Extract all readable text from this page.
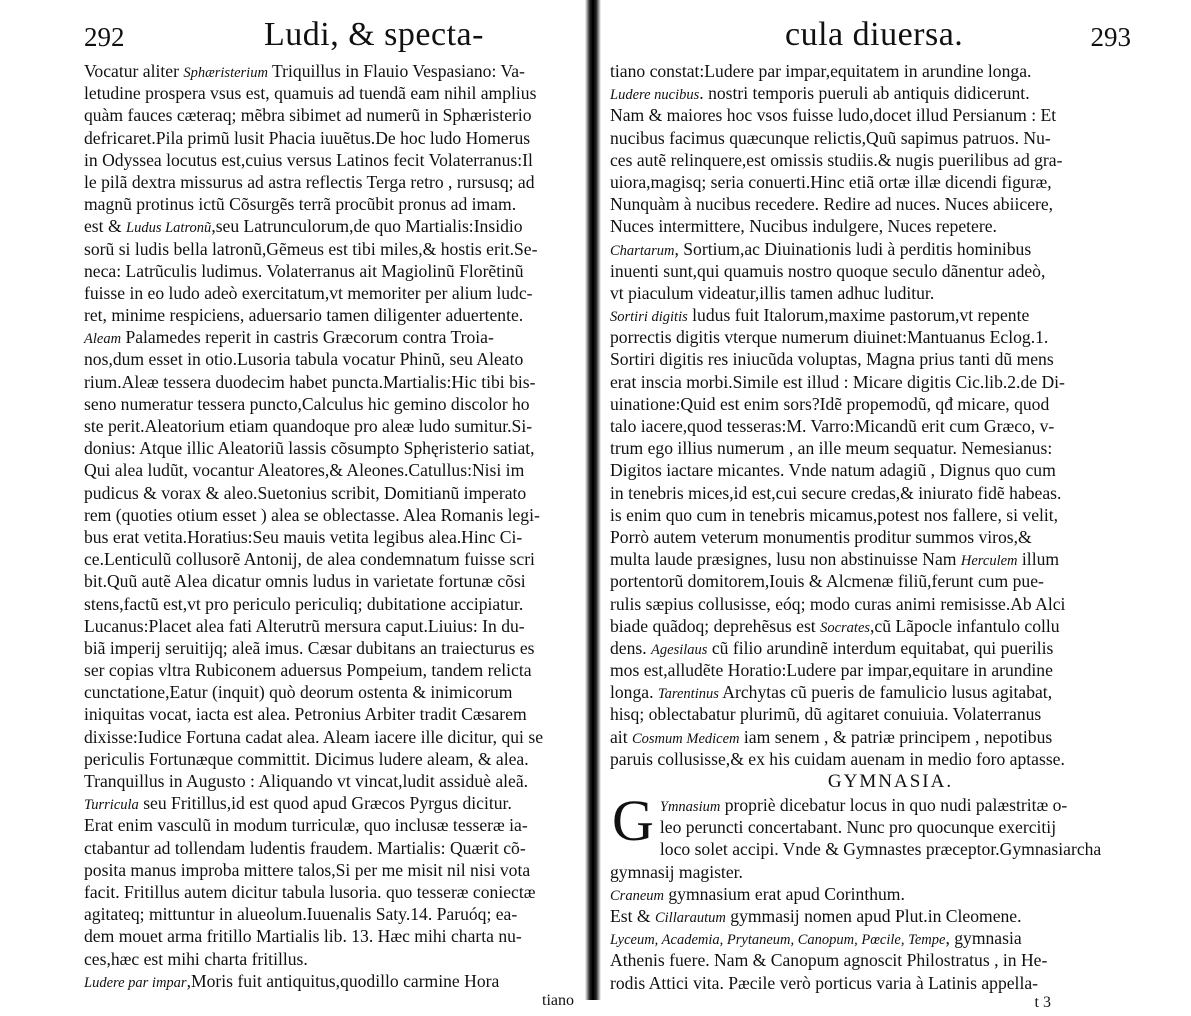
292	Ludi, & specta-
Vocatur aliter Sphæristerium Triquillus in Flauio Vespasiano: Va-
letudine prospera vsus est, quamuis ad tuendã eam nihil amplius
quàm fauces cæteraq; mẽbra sibimet ad numerũ in Sphæristerio
defricaret.Pila primũ lusit Phacia iuuẽtus.De hoc ludo Homerus
in Odyssea locutus est,cuius versus Latinos fecit Volaterranus:Il
le pilã dextra missurus ad astra reflectis Terga retro , rursusq; ad
magnũ protinus ictũ Cõsurgẽs terrã procũbit pronus ad imam.
est & Ludus Latronũ,seu Latrunculorum,de quo Martialis:Insidio
sorũ si ludis bella latronũ,Gẽmeus est tibi miles,& hostis erit.Se-
neca: Latrũculis ludimus. Volaterranus ait Magiolinũ Florẽtinũ
fuisse in eo ludo adeò exercitatum,vt memoriter per alium ludc-
ret, minime respiciens, aduersario tamen diligenter aduertente.
Aleam Palamedes reperit in castris Græcorum contra Troia-
nos,dum esset in otio.Lusoria tabula vocatur Phinũ, seu Aleato
rium.Aleæ tessera duodecim habet puncta.Martialis:Hic tibi bis-
seno numeratur tessera puncto,Calculus hic gemino discolor ho
ste perit.Aleatorium etiam quandoque pro aleæ ludo sumitur.Si-
donius: Atque illic Aleatoriũ lassis cõsumpto Sphęristerio satiat,
Qui alea ludũt, vocantur Aleatores,& Aleones.Catullus:Nisi im
pudicus & vorax & aleo.Suetonius scribit, Domitianũ imperato
rem (quoties otium esset ) alea se oblectasse. Alea Romanis legi-
bus erat vetita.Horatius:Seu mauis vetita legibus alea.Hinc Ci-
ce.Lenticulũ collusorẽ Antonij, de alea condemnatum fuisse scri
bit.Quũ autẽ Alea dicatur omnis ludus in varietate fortunæ cõsi
stens,factũ est,vt pro periculo periculiq; dubitatione accipiatur.
Lucanus:Placet alea fati Alterutrũ mersura caput.Liuius: In du-
biã imperij seruitijq; aleã imus. Cæsar dubitans an traiecturus es
ser copias vltra Rubiconem aduersus Pompeium, tandem relicta
cunctatione,Eatur (inquit) quò deorum ostenta & inimicorum
iniquitas vocat, iacta est alea. Petronius Arbiter tradit Cæsarem
dixisse:Iudice Fortuna cadat alea. Aleam iacere ille dicitur, qui se
periculis Fortunæque committit. Dicimus ludere aleam, & alea.
Tranquillus in Augusto : Aliquando vt vincat,ludit assiduè aleã.
Turricula seu Fritillus,id est quod apud Græcos Pyrgus dicitur.
Erat enim vasculũ in modum turriculæ, quo inclusæ tesseræ ia-
ctabantur ad tollendam ludentis fraudem. Martialis: Quærit cõ-
posita manus improba mittere talos,Si per me misit nil nisi vota
facit. Fritillus autem dicitur tabula lusoria. quo tesseræ coniectæ
agitateq; mittuntur in alueolum.Iuuenalis Saty.14. Paruóq; ea-
dem mouet arma fritillo Martialis lib. 13. Hæc mihi charta nu-
ces,hæc est mihi charta fritillus.
Ludere par impar,Moris fuit antiquitus,quodillo carmine Hora
tiano
cula diuersa.	293
tiano constat:Ludere par impar,equitatem in arundine longa.
Ludere nucibus. nostri temporis pueruli ab antiquis didicerunt.
Nam & maiores hoc vsos fuisse ludo,docet illud Persianum : Et
nucibus facimus quæcunque relictis,Quũ sapimus patruos. Nu-
ces autẽ relinquere,est omissis studiis.& nugis puerilibus ad gra-
uiora,magisq; seria conuerti.Hinc etiã ortæ illæ dicendi figuræ,
Nunquàm à nucibus recedere. Redire ad nuces. Nuces abiicere,
Nuces intermittere, Nucibus indulgere, Nuces repetere.
Chartarum, Sortium,ac Diuinationis ludi à perditis hominibus
inuenti sunt,qui quamuis nostro quoque seculo dãnentur adeò,
vt piaculum videatur,illis tamen adhuc luditur.
Sortiri digitis ludus fuit Italorum,maxime pastorum,vt repente
porrectis digitis vterque numerum diuinet:Mantuanus Eclog.1.
Sortiri digitis res iniucũda voluptas, Magna prius tanti dũ mens
erat inscia morbi.Simile est illud : Micare digitis Cic.lib.2.de Di-
uinatione:Quid est enim sors?Idẽ propemodũ, qđ micare, quod
talo iacere,quod tesseras:M. Varro:Micandũ erit cum Græco, v-
trum ego illius numerum , an ille meum sequatur. Nemesianus:
Digitos iactare micantes. Vnde natum adagiũ , Dignus quo cum
in tenebris mices,id est,cui secure credas,& iniurato fidẽ habeas.
is enim quo cum in tenebris micamus,potest nos fallere, si velit,
Porrò autem veterum monumentis proditur summos viros,&
multa laude præsignes, lusu non abstinuisse Nam Herculem illum
portentorũ domitorem,Iouis & Alcmenæ filiũ,ferunt cum pue-
rulis sæpius collusisse, eóq; modo curas animi remisisse.Ab Alci
biade quãdoq; deprehẽsus est Socrates,cũ Lãpocle infantulo collu
dens. Agesilaus cũ filio arundinẽ interdum equitabat, qui puerilis
mos est,alludẽte Horatio:Ludere par impar,equitare in arundine
longa. Tarentinus Archytas cũ pueris de famulicio lusus agitabat,
hisq; oblectabatur plurimũ, dũ agitaret conuiuia. Volaterranus
ait Cosmum Medicem iam senem , & patriæ principem , nepotibus
paruis collusisse,& ex his cuidam auenam in medio foro aptasse.
GYMNASIA.
G Ymnasium propriè dicebatur locus in quo nudi palæstritæ o-
leo peruncti concertabant. Nunc pro quocunque exercitij
loco solet accipi. Vnde & Gymnastes præceptor.Gymnasiarcha
gymnasij magister.
Craneum gymnasium erat apud Corinthum.
Est & Cillarautum gymmasij nomen apud Plut.in Cleomene.
Lyceum, Academia, Prytaneum, Canopum, Pœcile, Tempe, gymnasia
Athenis fuere. Nam & Canopum agnoscit Philostratus , in He-
rodis Attici vita. Pæcile verò porticus varia à Latinis appella-
t 3
